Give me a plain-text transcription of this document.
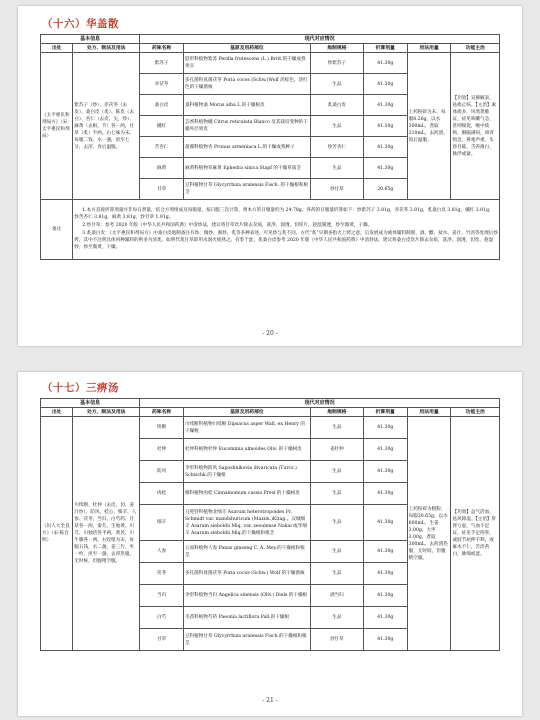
（十六）华盖散
基本信息		现代对应情况					
出处	处方、制法及用法	药味名称	基原及用药部位	炮制规格	折算剂量	用法用量	功能主治
《太平惠民和剂局方》（宋·太平惠民和剂局）	紫苏子（炒）、赤茯苓（去皮）、桑白皮（炙）、陈皮（去白）、杏仁（去皮、尖，炒）、麻黄（去根、节）各一两，甘草（炙）半两。右七味为末。每服二钱，水一盏，煎至七分，去滓，食后温服。	紫苏子	唇形科植物紫苏 Perilla frutescens (L.) Britt.的干燥成熟果实	炒紫苏子	41.30g	上药粉碎为末，每服8.26g，以水300mL，煮取210mL，去药渣，饭后温服。	【功效】宣肺解表，祛痰止咳。【主治】素体痰多，风寒袭肺证，症见咳嗽气急，甚则喘促，喉中痰鸣，胸膈满闷，项背拘急，鼻塞声重，头昏目眩，舌苔薄白，脉浮或紧。
		赤茯苓	多孔菌科真菌茯苓 Poria cocos (Schw.)Wolf 淡棕色、淡红色的干燥菌核	生品	41.30g		
		桑白皮	桑科植物桑 Morus alba L.的干燥根皮	炙桑白皮	41.30g		
		橘红	芸香科植物橘 Citrus reticulata Blanco 及其栽培变种的干燥外层果皮	生品	41.30g		
		苦杏仁	蔷薇科植物杏 Prunus armeniaca L.的干燥成熟种子	炒苦杏仁	41.30g		
		麻黄	麻黄科植物草麻黄 Ephedra sinica Stapf 的干燥草质茎	生品	41.30g		
		甘草	豆科植物甘草 Glycyrrhiza uralensis Fisch. 的干燥根和根茎	炒甘草	20.65g		
备注	1.本方直接折算剂量并非每日剂量，结合方剂组成及每服量，按日服三次计算，则本方的日服量约为 24.78g。各药的日服量折算如下：炒紫苏子 3.81g，赤茯苓 3.81g，炙桑白皮 3.81g，橘红 3.81g，炒苦杏仁 3.81g，麻黄 3.81g，炒甘草 1.91g。

2.炒甘草：参考 2020 年版《中华人民共和国药典》中清炒法，建议将甘草饮片除去杂质，洗净，润透，切厚片，趁湿制透，炒至微黄，干燥。

3.炙桑白皮：《太平惠民和剂局方》中桑白皮炮制备注有炒、微炒、蜜炒、炙等多种表述，可见炒与炙不同。古代“炙”早期多指火上烤之意，后发展成为液体辅料制蜜、酒、醋、盐水、姜汁、竹沥等处理后炒烤，其中不注明具体何种辅料的则多为清炙。如明代炙甘草即用水润火炮熟之。有鉴于此，炙桑白皮参考 2020 年版《中华人民共和国药典》中清炒法，建议将桑白皮饮片除去杂质，洗净，润透，切丝，趁湿炒，炒至微黄，干燥。						

- 20 -
（十七）三痹汤
基本信息		现代对应情况					
出处	处方、制法及用法	药味名称	基原及用药部位	炮制规格	折算剂量	用法用量	功能主治
《妇人大全良方》（宋·陈自明）	川续断、杜仲（去皮，切，姜汁炒）、防风、桂心、细辛、人参、茯苓、当归、白芍药、甘草各一两，秦艽、生地黄、川芎、川独活各半两，黄芪、川牛膝各一两。右咬咀为末，每服五钱，水二盏，姜三片，枣一枚，煎至一盏，去滓热服，无时候，但腹稍空服。	续断	川续断科植物川续断 Dipsacus asper Wall. ex Henry 的干燥根	生品	41.30g	上药粉碎为粗粉，每服20.65g，以水600mL，生姜3.00g，大枣3.00g，煮取300mL，去药渣热服，无时间，但腹稍空服。	【功效】益气活血，祛风除湿。【主治】肝肾亏虚，气血不足证，症见手足拘挛，或肢节屈伸不利，或麻木不仁，舌淡苔白，脉细或涩。
		杜仲	杜仲科植物杜仲 Eucommia ulmoides Oliv. 的干燥树皮	姜杜仲	41.30g		
		防风	伞形科植物防风 Saposhnikovia divaricata (Turcz.) Schischk.的干燥根	生品	41.30g		
		肉桂	樟科植物肉桂 Cinnamomum cassia Presl 的干燥树皮	生品	41.30g		
		细辛	马兜铃科植物北细辛 Asarum heterotropoides Fr. Schmidt var. mandshuricum (Maxim.)Kitag.、汉城细辛 Asarum sieboldii Miq. var. seoulense Nakai 或华细辛 Asarum sieboldii Miq.的干燥根和根茎	生品	41.30g		
		人参	五加科植物人参 Panax ginseng C. A. Mey.的干燥根和根茎	生品	41.30g		
		茯苓	多孔菌科真菌茯苓 Poria cocos (Schw.) Wolf 的干燥菌核	生品	41.30g		
		当归	伞形科植物当归 Angelica sinensis (Oliv.) Diels 的干燥根	酒当归	41.30g		
		白芍	毛茛科植物芍药 Paeonia lactiflora Pall.的干燥根	生品	41.30g		
		甘草	豆科植物甘草 Glycyrrhiza uralensis Fisch.的干燥根和根茎	炒甘草	41.30g		
- 21 -
